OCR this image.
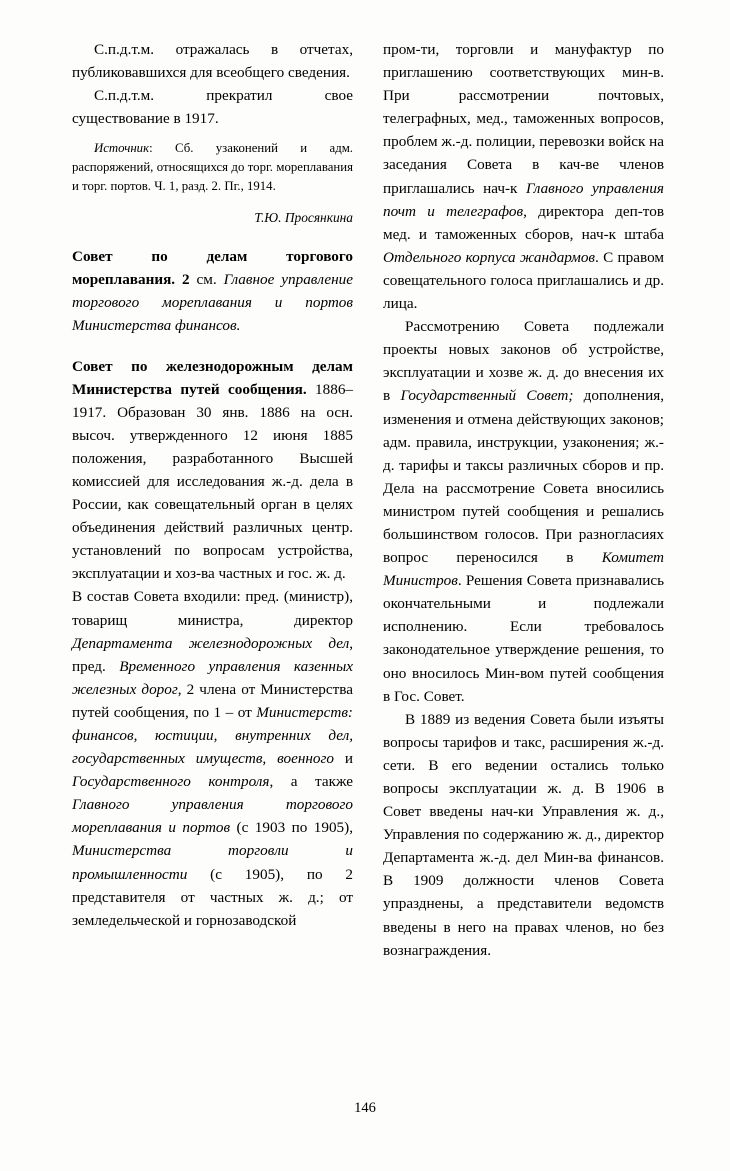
С.п.д.т.м. отражалась в отчетах, публиковавшихся для всеобщего сведения.

С.п.д.т.м. прекратил свое существование в 1917.

Источник: Сб. узаконений и адм. распоряжений, относящихся до торг. мореплавания и торг. портов. Ч. 1, разд. 2. Пг., 1914.

Т.Ю. Просянкина

Совет по делам торгового мореплавания. 2 см. Главное управление торгового мореплавания и портов Министерства финансов.

Совет по железнодорожным делам Министерства путей сообщения. 1886–1917. Образован 30 янв. 1886 на осн. высоч. утвержденного 12 июня 1885 положения, разработанного Высшей комиссией для исследования ж.-д. дела в России, как совещательный орган в целях объединения действий различных центр. установлений по вопросам устройства, эксплуатации и хоз-ва частных и гос. ж. д.

В состав Совета входили: пред. (министр), товарищ министра, директор Департамента железнодорожных дел, пред. Временного управления казенных железных дорог, 2 члена от Министерства путей сообщения, по 1 – от Министерств: финансов, юстиции, внутренних дел, государственных имуществ, военного и Государственного контроля, а также Главного управления торгового мореплавания и портов (с 1903 по 1905), Министерства торговли и промышленности (с 1905), по 2 представителя от частных ж. д.; от земледельческой и горнозаводской

пром-ти, торговли и мануфактур по приглашению соответствующих мин-в. При рассмотрении почтовых, телеграфных, мед., таможенных вопросов, проблем ж.-д. полиции, перевозки войск на заседания Совета в кач-ве членов приглашались нач-к Главного управления почт и телеграфов, директора деп-тов мед. и таможенных сборов, нач-к штаба Отдельного корпуса жандармов. С правом совещательного голоса приглашались и др. лица.

Рассмотрению Совета подлежали проекты новых законов об устройстве, эксплуатации и хозве ж. д. до внесения их в Государственный Совет; дополнения, изменения и отмена действующих законов; адм. правила, инструкции, узаконения; ж.-д. тарифы и таксы различных сборов и пр. Дела на рассмотрение Совета вносились министром путей сообщения и решались большинством голосов. При разногласиях вопрос переносился в Комитет Министров. Решения Совета признавались окончательными и подлежали исполнению. Если требовалось законодательное утверждение решения, то оно вносилось Мин-вом путей сообщения в Гос. Совет.

В 1889 из ведения Совета были изъяты вопросы тарифов и такс, расширения ж.-д. сети. В его ведении остались только вопросы эксплуатации ж. д. В 1906 в Совет введены нач-ки Управления ж. д., Управления по содержанию ж. д., директор Департамента ж.-д. дел Мин-ва финансов. В 1909 должности членов Совета упразднены, а представители ведомств введены в него на правах членов, но без вознаграждения.

146
